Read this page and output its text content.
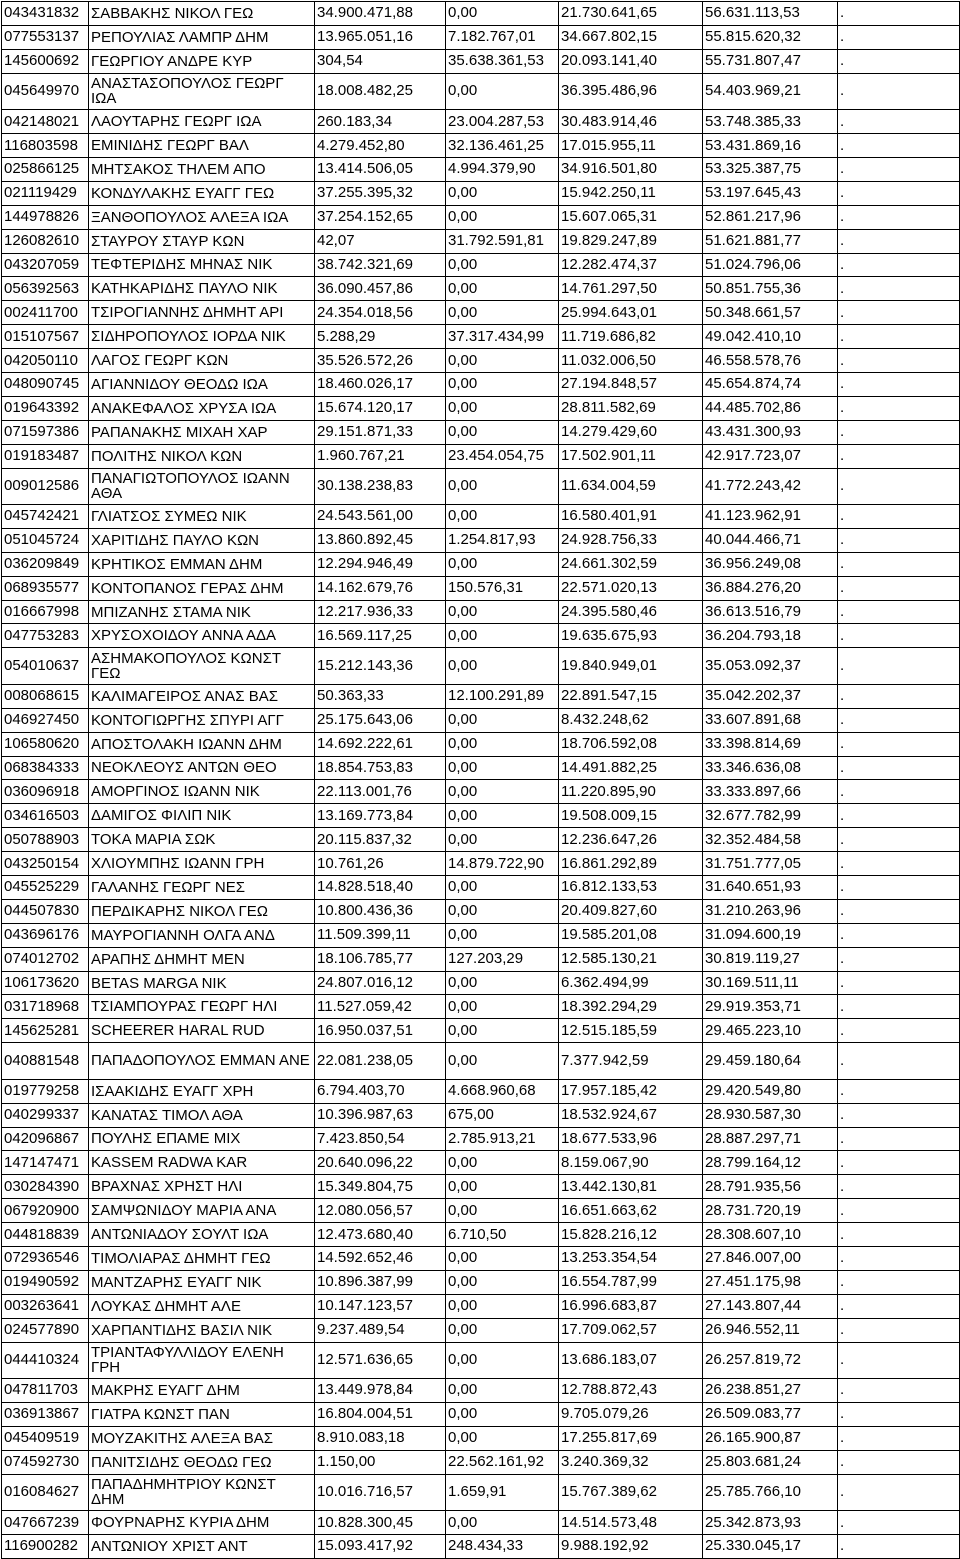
043431832	ΣΑΒΒΑΚΗΣ ΝΙΚΟΛ ΓΕΩ	34.900.471,88	0,00	21.730.641,65	56.631.113,53	.
077553137	ΡΕΠΟΥΛΙΑΣ ΛΑΜΠΡ ΔΗΜ	13.965.051,16	7.182.767,01	34.667.802,15	55.815.620,32	.
145600692	ΓΕΩΡΓΙΟΥ ΑΝΔΡΕ ΚΥΡ	304,54	35.638.361,53	20.093.141,40	55.731.807,47	.
045649970	ΑΝΑΣΤΑΣΟΠΟΥΛΟΣ ΓΕΩΡΓ ΙΩΑ	18.008.482,25	0,00	36.395.486,96	54.403.969,21	.
042148021	ΛΑΟΥΤΑΡΗΣ ΓΕΩΡΓ ΙΩΑ	260.183,34	23.004.287,53	30.483.914,46	53.748.385,33	.
116803598	ΕΜΙΝΙΔΗΣ ΓΕΩΡΓ ΒΑΛ	4.279.452,80	32.136.461,25	17.015.955,11	53.431.869,16	.
025866125	ΜΗΤΣΑΚΟΣ ΤΗΛΕΜ ΑΠΟ	13.414.506,05	4.994.379,90	34.916.501,80	53.325.387,75	.
021119429	ΚΟΝΔΥΛΑΚΗΣ ΕΥΑΓΓ ΓΕΩ	37.255.395,32	0,00	15.942.250,11	53.197.645,43	.
144978826	ΞΑΝΘΟΠΟΥΛΟΣ ΑΛΕΞΑ ΙΩΑ	37.254.152,65	0,00	15.607.065,31	52.861.217,96	.
126082610	ΣΤΑΥΡΟΥ ΣΤΑΥΡ ΚΩΝ	42,07	31.792.591,81	19.829.247,89	51.621.881,77	.
043207059	ΤΕΦΤΕΡΙΔΗΣ ΜΗΝΑΣ ΝΙΚ	38.742.321,69	0,00	12.282.474,37	51.024.796,06	.
056392563	ΚΑΤΗΚΑΡΙΔΗΣ ΠΑΥΛΟ ΝΙΚ	36.090.457,86	0,00	14.761.297,50	50.851.755,36	.
002411700	ΤΣΙΡΟΓΙΑΝΝΗΣ ΔΗΜΗΤ ΑΡΙ	24.354.018,56	0,00	25.994.643,01	50.348.661,57	.
015107567	ΣΙΔΗΡΟΠΟΥΛΟΣ ΙΟΡΔΑ ΝΙΚ	5.288,29	37.317.434,99	11.719.686,82	49.042.410,10	.
042050110	ΛΑΓΟΣ ΓΕΩΡΓ ΚΩΝ	35.526.572,26	0,00	11.032.006,50	46.558.578,76	.
048090745	ΑΓΙΑΝΝΙΔΟΥ ΘΕΟΔΩ ΙΩΑ	18.460.026,17	0,00	27.194.848,57	45.654.874,74	.
019643392	ΑΝΑΚΕΦΑΛΟΣ ΧΡΥΣΑ ΙΩΑ	15.674.120,17	0,00	28.811.582,69	44.485.702,86	.
071597386	ΡΑΠΑΝΑΚΗΣ ΜΙΧΑΗ ΧΑΡ	29.151.871,33	0,00	14.279.429,60	43.431.300,93	.
019183487	ΠΟΛΙΤΗΣ ΝΙΚΟΛ ΚΩΝ	1.960.767,21	23.454.054,75	17.502.901,11	42.917.723,07	.
009012586	ΠΑΝΑΓΙΩΤΟΠΟΥΛΟΣ ΙΩΑΝΝ ΑΘΑ	30.138.238,83	0,00	11.634.004,59	41.772.243,42	.
045742421	ΓΛΙΑΤΣΟΣ ΣΥΜΕΩ ΝΙΚ	24.543.561,00	0,00	16.580.401,91	41.123.962,91	.
051045724	ΧΑΡΙΤΙΔΗΣ ΠΑΥΛΟ ΚΩΝ	13.860.892,45	1.254.817,93	24.928.756,33	40.044.466,71	.
036209849	ΚΡΗΤΙΚΟΣ ΕΜΜΑΝ ΔΗΜ	12.294.946,49	0,00	24.661.302,59	36.956.249,08	.
068935577	ΚΟΝΤΟΠΑΝΟΣ ΓΕΡΑΣ ΔΗΜ	14.162.679,76	150.576,31	22.571.020,13	36.884.276,20	.
016667998	ΜΠΙΖΑΝΗΣ ΣΤΑΜΑ ΝΙΚ	12.217.936,33	0,00	24.395.580,46	36.613.516,79	.
047753283	ΧΡΥΣΟΧΟΙΔΟΥ ΑΝΝΑ ΑΔΑ	16.569.117,25	0,00	19.635.675,93	36.204.793,18	.
054010637	ΑΣΗΜΑΚΟΠΟΥΛΟΣ ΚΩΝΣΤ ΓΕΩ	15.212.143,36	0,00	19.840.949,01	35.053.092,37	.
008068615	ΚΑΛΙΜΑΓΕΙΡΟΣ ΑΝΑΣ ΒΑΣ	50.363,33	12.100.291,89	22.891.547,15	35.042.202,37	.
046927450	ΚΟΝΤΟΓΙΩΡΓΗΣ ΣΠΥΡΙ ΑΓΓ	25.175.643,06	0,00	8.432.248,62	33.607.891,68	.
106580620	ΑΠΟΣΤΟΛΑΚΗ ΙΩΑΝΝ ΔΗΜ	14.692.222,61	0,00	18.706.592,08	33.398.814,69	.
068384333	ΝΕΟΚΛΕΟΥΣ ΑΝΤΩΝ ΘΕΟ	18.854.753,83	0,00	14.491.882,25	33.346.636,08	.
036096918	ΑΜΟΡΓΙΝΟΣ ΙΩΑΝΝ ΝΙΚ	22.113.001,76	0,00	11.220.895,90	33.333.897,66	.
034616503	ΔΑΜΙΓΟΣ ΦΙΛΙΠ ΝΙΚ	13.169.773,84	0,00	19.508.009,15	32.677.782,99	.
050788903	ΤΟΚΑ ΜΑΡΙΑ ΣΩΚ	20.115.837,32	0,00	12.236.647,26	32.352.484,58	.
043250154	ΧΛΙΟΥΜΠΗΣ ΙΩΑΝΝ ΓΡΗ	10.761,26	14.879.722,90	16.861.292,89	31.751.777,05	.
045525229	ΓΑΛΑΝΗΣ ΓΕΩΡΓ ΝΕΣ	14.828.518,40	0,00	16.812.133,53	31.640.651,93	.
044507830	ΠΕΡΔΙΚΑΡΗΣ ΝΙΚΟΛ ΓΕΩ	10.800.436,36	0,00	20.409.827,60	31.210.263,96	.
043696176	ΜΑΥΡΟΓΙΑΝΝΗ ΟΛΓΑ ΑΝΔ	11.509.399,11	0,00	19.585.201,08	31.094.600,19	.
074012702	ΑΡΑΠΗΣ ΔΗΜΗΤ ΜΕΝ	18.106.785,77	127.203,29	12.585.130,21	30.819.119,27	.
106173620	BETAS MARGA ΝΙΚ	24.807.016,12	0,00	6.362.494,99	30.169.511,11	.
031718968	ΤΣΙΑΜΠΟΥΡΑΣ ΓΕΩΡΓ ΗΛΙ	11.527.059,42	0,00	18.392.294,29	29.919.353,71	.
145625281	SCHEERER HARAL RUD	16.950.037,51	0,00	12.515.185,59	29.465.223,10	.
040881548	ΠΑΠΑΔΟΠΟΥΛΟΣ ΕΜΜΑΝ ΑΝΕ	22.081.238,05	0,00	7.377.942,59	29.459.180,64	.
019779258	ΙΣΑΑΚΙΔΗΣ ΕΥΑΓΓ ΧΡΗ	6.794.403,70	4.668.960,68	17.957.185,42	29.420.549,80	.
040299337	ΚΑΝΑΤΑΣ ΤΙΜΟΛ ΑΘΑ	10.396.987,63	675,00	18.532.924,67	28.930.587,30	.
042096867	ΠΟΥΛΗΣ ΕΠΑΜΕ ΜΙΧ	7.423.850,54	2.785.913,21	18.677.533,96	28.887.297,71	.
147147471	KASSEM RADWA KAR	20.640.096,22	0,00	8.159.067,90	28.799.164,12	.
030284390	ΒΡΑΧΝΑΣ ΧΡΗΣΤ ΗΛΙ	15.349.804,75	0,00	13.442.130,81	28.791.935,56	.
067920900	ΣΑΜΨΩΝΙΔΟΥ ΜΑΡΙΑ ΑΝΑ	12.080.056,57	0,00	16.651.663,62	28.731.720,19	.
044818839	ΑΝΤΩΝΙΑΔΟΥ ΣΟΥΛΤ ΙΩΑ	12.473.680,40	6.710,50	15.828.216,12	28.308.607,10	.
072936546	ΤΙΜΟΛΙΑΡΑΣ ΔΗΜΗΤ ΓΕΩ	14.592.652,46	0,00	13.253.354,54	27.846.007,00	.
019490592	ΜΑΝΤΖΑΡΗΣ ΕΥΑΓΓ ΝΙΚ	10.896.387,99	0,00	16.554.787,99	27.451.175,98	.
003263641	ΛΟΥΚΑΣ ΔΗΜΗΤ ΑΛΕ	10.147.123,57	0,00	16.996.683,87	27.143.807,44	.
024577890	ΧΑΡΠΑΝΤΙΔΗΣ ΒΑΣΙΛ ΝΙΚ	9.237.489,54	0,00	17.709.062,57	26.946.552,11	.
044410324	ΤΡΙΑΝΤΑΦΥΛΛΙΔΟΥ ΕΛΕΝΗ ΓΡΗ	12.571.636,65	0,00	13.686.183,07	26.257.819,72	.
047811703	ΜΑΚΡΗΣ ΕΥΑΓΓ ΔΗΜ	13.449.978,84	0,00	12.788.872,43	26.238.851,27	.
036913867	ΓΙΑΤΡΑ ΚΩΝΣΤ ΠΑΝ	16.804.004,51	0,00	9.705.079,26	26.509.083,77	.
045409519	ΜΟΥΖΑΚΙΤΗΣ ΑΛΕΞΑ ΒΑΣ	8.910.083,18	0,00	17.255.817,69	26.165.900,87	.
074592730	ΠΑΝΙΤΣΙΔΗΣ ΘΕΟΔΩ ΓΕΩ	1.150,00	22.562.161,92	3.240.369,32	25.803.681,24	.
016084627	ΠΑΠΑΔΗΜΗΤΡΙΟΥ ΚΩΝΣΤ ΔΗΜ	10.016.716,57	1.659,91	15.767.389,62	25.785.766,10	.
047667239	ΦΟΥΡΝΑΡΗΣ ΚΥΡΙΑ ΔΗΜ	10.828.300,45	0,00	14.514.573,48	25.342.873,93	.
116900282	ΑΝΤΩΝΙΟΥ ΧΡΙΣΤ ΑΝΤ	15.093.417,92	248.434,33	9.988.192,92	25.330.045,17	.
